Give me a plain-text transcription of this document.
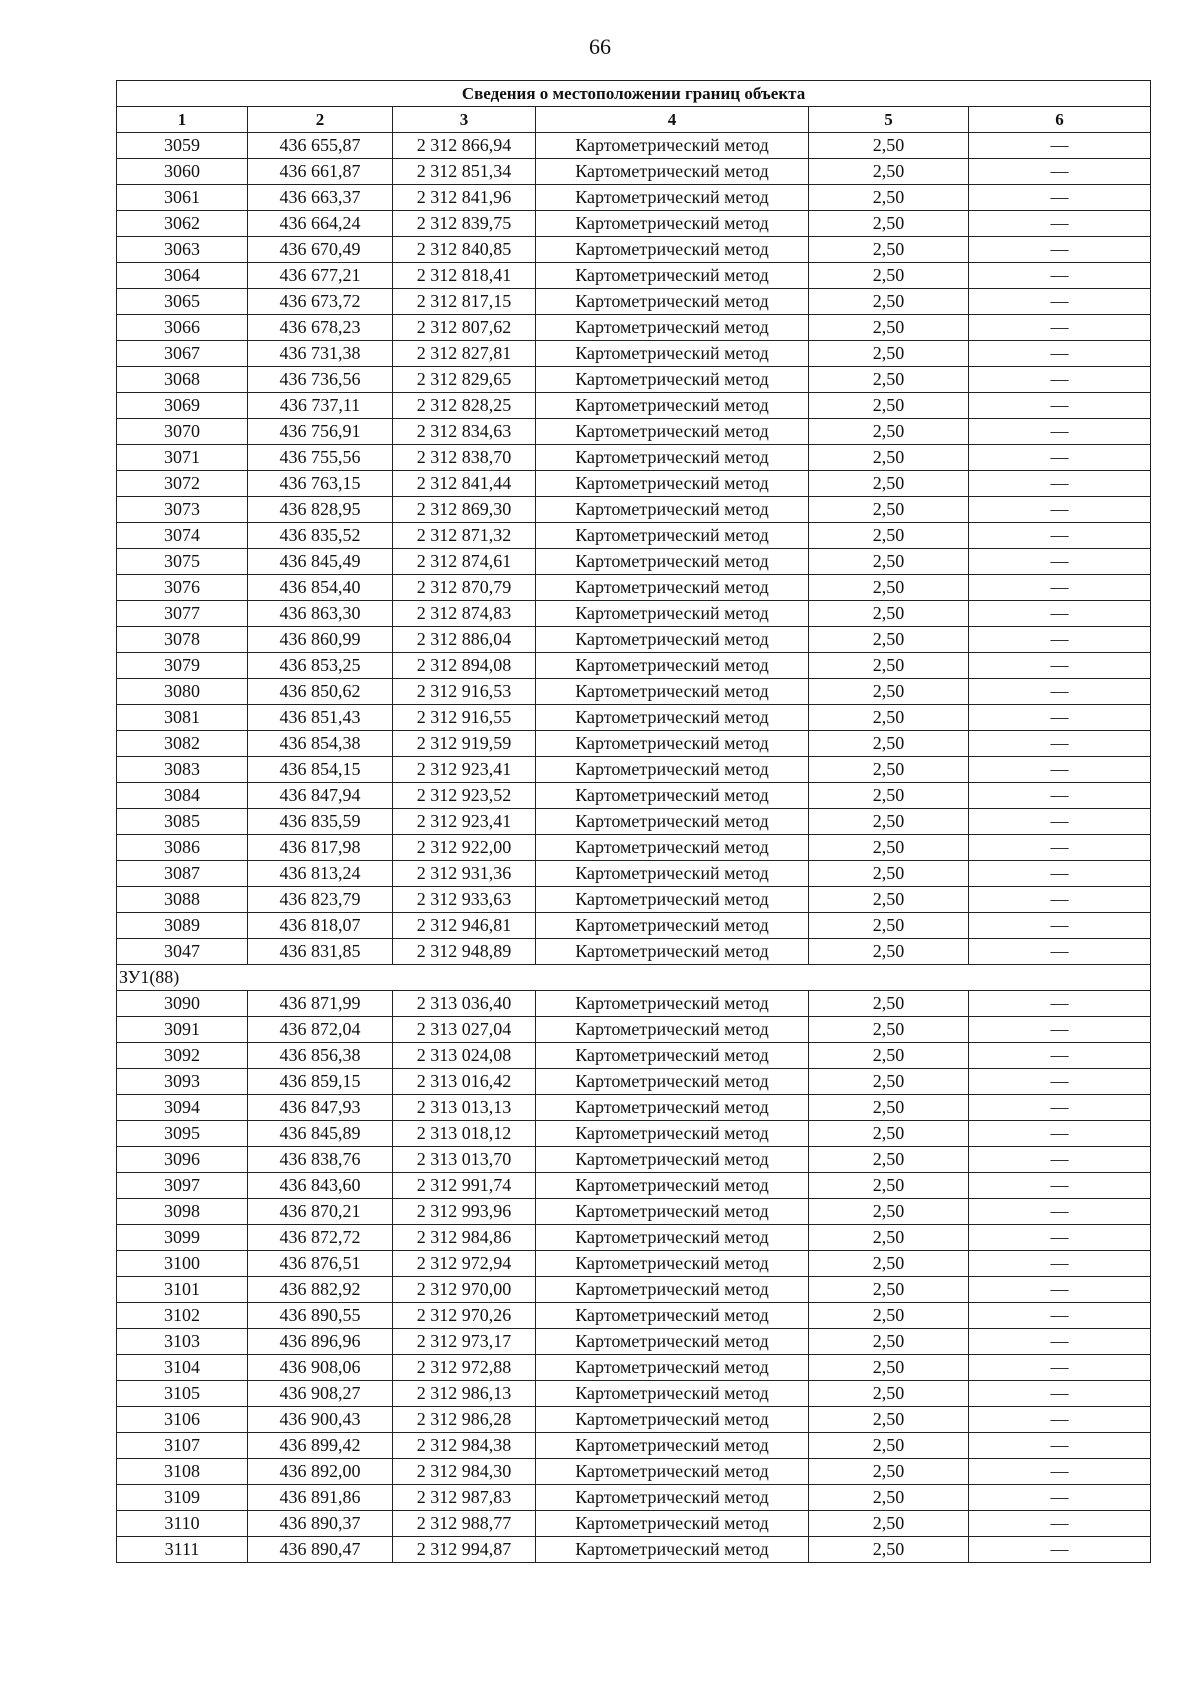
66
Сведения о местоположении границ объекта					
1	2	3	4	5	6
3059	436 655,87	2 312 866,94	Картометрический метод	2,50	—
3060	436 661,87	2 312 851,34	Картометрический метод	2,50	—
3061	436 663,37	2 312 841,96	Картометрический метод	2,50	—
3062	436 664,24	2 312 839,75	Картометрический метод	2,50	—
3063	436 670,49	2 312 840,85	Картометрический метод	2,50	—
3064	436 677,21	2 312 818,41	Картометрический метод	2,50	—
3065	436 673,72	2 312 817,15	Картометрический метод	2,50	—
3066	436 678,23	2 312 807,62	Картометрический метод	2,50	—
3067	436 731,38	2 312 827,81	Картометрический метод	2,50	—
3068	436 736,56	2 312 829,65	Картометрический метод	2,50	—
3069	436 737,11	2 312 828,25	Картометрический метод	2,50	—
3070	436 756,91	2 312 834,63	Картометрический метод	2,50	—
3071	436 755,56	2 312 838,70	Картометрический метод	2,50	—
3072	436 763,15	2 312 841,44	Картометрический метод	2,50	—
3073	436 828,95	2 312 869,30	Картометрический метод	2,50	—
3074	436 835,52	2 312 871,32	Картометрический метод	2,50	—
3075	436 845,49	2 312 874,61	Картометрический метод	2,50	—
3076	436 854,40	2 312 870,79	Картометрический метод	2,50	—
3077	436 863,30	2 312 874,83	Картометрический метод	2,50	—
3078	436 860,99	2 312 886,04	Картометрический метод	2,50	—
3079	436 853,25	2 312 894,08	Картометрический метод	2,50	—
3080	436 850,62	2 312 916,53	Картометрический метод	2,50	—
3081	436 851,43	2 312 916,55	Картометрический метод	2,50	—
3082	436 854,38	2 312 919,59	Картометрический метод	2,50	—
3083	436 854,15	2 312 923,41	Картометрический метод	2,50	—
3084	436 847,94	2 312 923,52	Картометрический метод	2,50	—
3085	436 835,59	2 312 923,41	Картометрический метод	2,50	—
3086	436 817,98	2 312 922,00	Картометрический метод	2,50	—
3087	436 813,24	2 312 931,36	Картометрический метод	2,50	—
3088	436 823,79	2 312 933,63	Картометрический метод	2,50	—
3089	436 818,07	2 312 946,81	Картометрический метод	2,50	—
3047	436 831,85	2 312 948,89	Картометрический метод	2,50	—
ЗУ1(88)					
3090	436 871,99	2 313 036,40	Картометрический метод	2,50	—
3091	436 872,04	2 313 027,04	Картометрический метод	2,50	—
3092	436 856,38	2 313 024,08	Картометрический метод	2,50	—
3093	436 859,15	2 313 016,42	Картометрический метод	2,50	—
3094	436 847,93	2 313 013,13	Картометрический метод	2,50	—
3095	436 845,89	2 313 018,12	Картометрический метод	2,50	—
3096	436 838,76	2 313 013,70	Картометрический метод	2,50	—
3097	436 843,60	2 312 991,74	Картометрический метод	2,50	—
3098	436 870,21	2 312 993,96	Картометрический метод	2,50	—
3099	436 872,72	2 312 984,86	Картометрический метод	2,50	—
3100	436 876,51	2 312 972,94	Картометрический метод	2,50	—
3101	436 882,92	2 312 970,00	Картометрический метод	2,50	—
3102	436 890,55	2 312 970,26	Картометрический метод	2,50	—
3103	436 896,96	2 312 973,17	Картометрический метод	2,50	—
3104	436 908,06	2 312 972,88	Картометрический метод	2,50	—
3105	436 908,27	2 312 986,13	Картометрический метод	2,50	—
3106	436 900,43	2 312 986,28	Картометрический метод	2,50	—
3107	436 899,42	2 312 984,38	Картометрический метод	2,50	—
3108	436 892,00	2 312 984,30	Картометрический метод	2,50	—
3109	436 891,86	2 312 987,83	Картометрический метод	2,50	—
3110	436 890,37	2 312 988,77	Картометрический метод	2,50	—
3111	436 890,47	2 312 994,87	Картометрический метод	2,50	—
